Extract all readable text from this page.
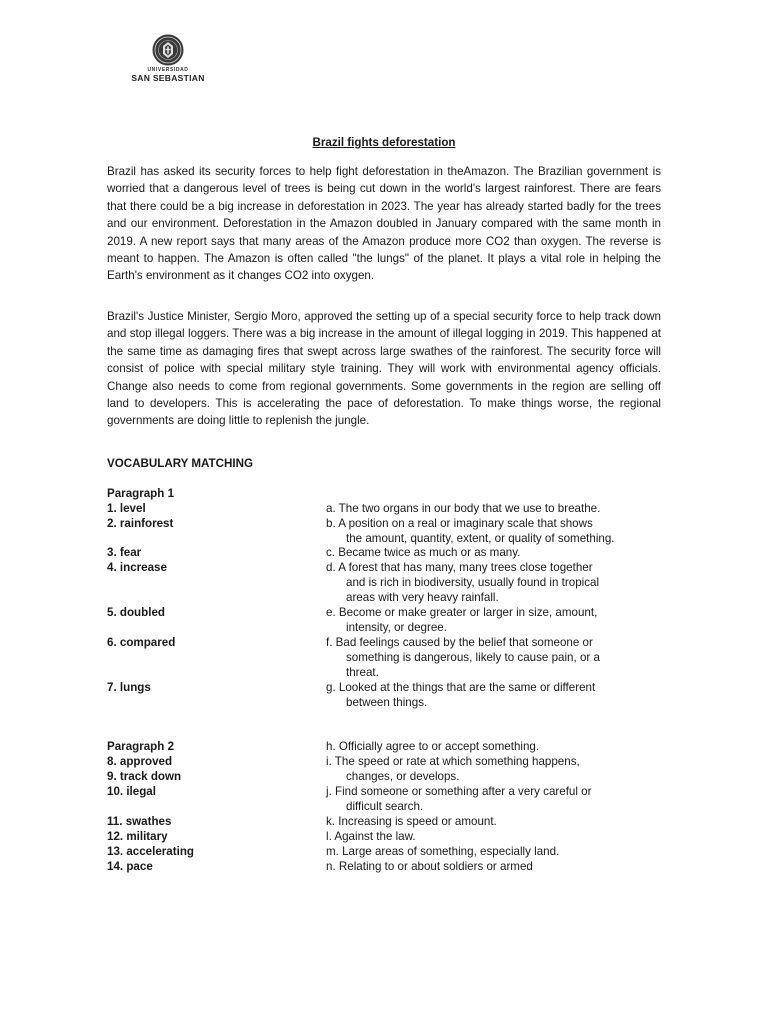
UNIVERSIDAD
SAN SEBASTIAN
Brazil fights deforestation

Brazil has asked its security forces to help fight deforestation in theAmazon. The Brazilian government is worried that a dangerous level of trees is being cut down in the world's largest rainforest. There are fears that there could be a big increase in deforestation in 2023. The year has already started badly for the trees and our environment. Deforestation in the Amazon doubled in January compared with the same month in 2019. A new report says that many areas of the Amazon produce more CO2 than oxygen. The reverse is meant to happen. The Amazon is often called "the lungs" of the planet. It plays a vital role in helping the Earth's environment as it changes CO2 into oxygen.

Brazil's Justice Minister, Sergio Moro, approved the setting up of a special security force to help track down and stop illegal loggers. There was a big increase in the amount of illegal logging in 2019. This happened at the same time as damaging fires that swept across large swathes of the rainforest. The security force will consist of police with special military style training. They will work with environmental agency officials. Change also needs to come from regional governments. Some governments in the region are selling off land to developers. This is accelerating the pace of deforestation. To make things worse, the regional governments are doing little to replenish the jungle.

VOCABULARY MATCHING
Paragraph 1
Paragraph 2
1. level
2. rainforest
3. fear
4. increase
5. doubled
6. compared
7. lungs
8. approved
9. track down
10. ilegal
11. swathes
12. military
13. accelerating
14. pace
a. The two organs in our body that we use to breathe.
b. A position on a real or imaginary scale that shows
the amount, quantity, extent, or quality of something.
c. Became twice as much or as many.
d. A forest that has many, many trees close together
and is rich in biodiversity, usually found in tropical
areas with very heavy rainfall.
e. Become or make greater or larger in size, amount,
intensity, or degree.
f. Bad feelings caused by the belief that someone or
something is dangerous, likely to cause pain, or a
threat.
g. Looked at the things that are the same or different
between things.
h. Officially agree to or accept something.
i. The speed or rate at which something happens,
changes, or develops.
j. Find someone or something after a very careful or
difficult search.
k. Increasing is speed or amount.
l. Against the law.
m. Large areas of something, especially land.
n. Relating to or about soldiers or armed
